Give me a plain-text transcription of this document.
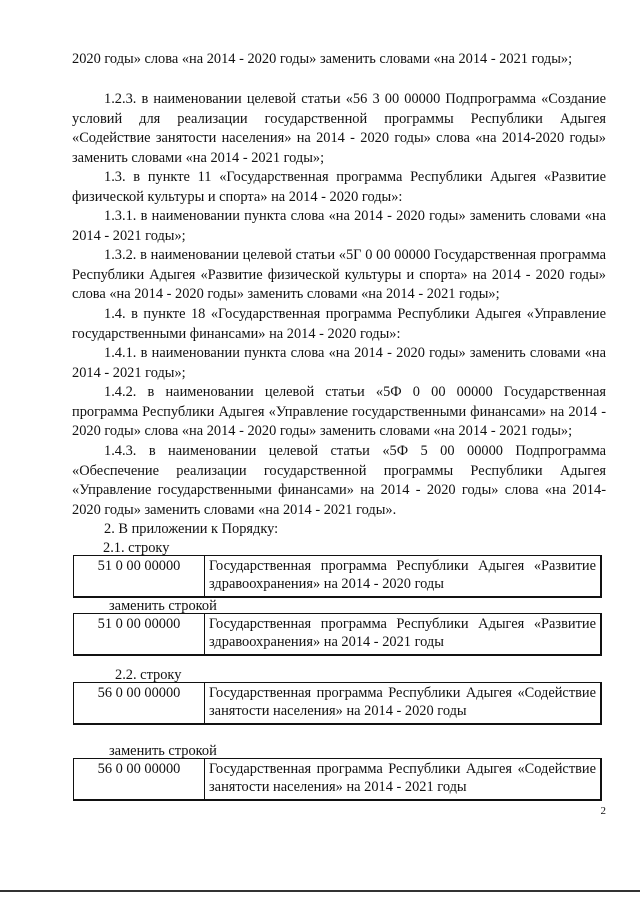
2020 годы» слова «на 2014 - 2020 годы» заменить словами «на 2014 - 2021 годы»;

1.2.3. в наименовании целевой статьи «56 3 00 00000 Подпрограмма «Создание условий для реализации государственной программы Республики Адыгея «Содействие занятости населения» на 2014 - 2020 годы» слова «на 2014-2020 годы» заменить словами «на 2014 - 2021 годы»;

1.3. в пункте 11 «Государственная программа Республики Адыгея «Развитие физической культуры и спорта» на 2014 - 2020 годы»:

1.3.1. в наименовании пункта слова «на 2014 - 2020 годы» заменить словами «на 2014 - 2021 годы»;

1.3.2. в наименовании целевой статьи «5Г 0 00 00000 Государственная программа Республики Адыгея «Развитие физической культуры и спорта» на 2014 - 2020 годы» слова «на 2014 - 2020 годы» заменить словами «на 2014 - 2021 годы»;

1.4. в пункте 18 «Государственная программа Республики Адыгея «Управление государственными финансами» на 2014 - 2020 годы»:

1.4.1. в наименовании пункта слова «на 2014 - 2020 годы» заменить словами «на 2014 - 2021 годы»;

1.4.2. в наименовании целевой статьи «5Ф 0 00 00000 Государственная программа Республики Адыгея «Управление государственными финансами» на 2014 - 2020 годы» слова «на 2014 - 2020 годы» заменить словами «на 2014 - 2021 годы»;

1.4.3. в наименовании целевой статьи «5Ф 5 00 00000 Подпрограмма «Обеспечение реализации государственной программы Республики Адыгея «Управление государственными финансами» на 2014 - 2020 годы» слова «на 2014-2020 годы» заменить словами «на 2014 - 2021 годы».

2. В приложении к Порядку:

2.1. строку
51 0 00 00000	Государственная программа Республики Адыгея «Развитие здравоохранения» на 2014 - 2020 годы
заменить строкой
51 0 00 00000	Государственная программа Республики Адыгея «Развитие здравоохранения» на 2014 - 2021 годы
2.2. строку
56 0 00 00000	Государственная программа Республики Адыгея «Содействие занятости населения» на 2014 - 2020 годы
заменить строкой
56 0 00 00000	Государственная программа Республики Адыгея «Содействие занятости населения» на 2014 - 2021 годы
2
